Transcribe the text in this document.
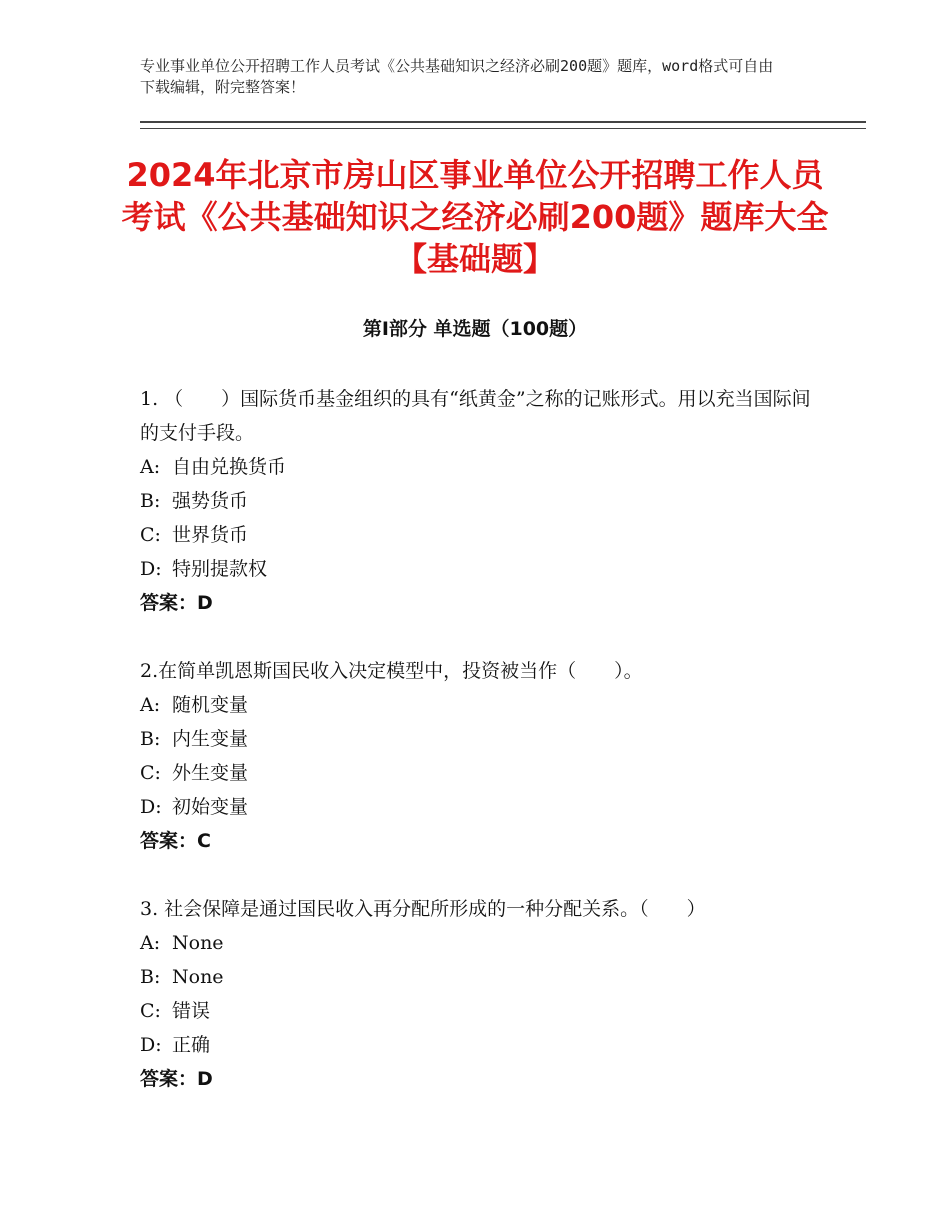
专业事业单位公开招聘工作人员考试《公共基础知识之经济必刷200题》题库，word格式可自由下载编辑，附完整答案！
2024年北京市房山区事业单位公开招聘工作人员考试《公共基础知识之经济必刷200题》题库大全【基础题】
第Ⅰ部分 单选题（100题）
1. （　　）国际货币基金组织的具有“纸黄金”之称的记账形式。用以充当国际间的支付手段。
A: 自由兑换货币
B: 强势货币
C: 世界货币
D: 特别提款权
答案：D
2.在简单凯恩斯国民收入决定模型中，投资被当作（　　）。
A: 随机变量
B: 内生变量
C: 外生变量
D: 初始变量
答案：C
3. 社会保障是通过国民收入再分配所形成的一种分配关系。（　　）
A: None
B: None
C: 错误
D: 正确
答案：D
